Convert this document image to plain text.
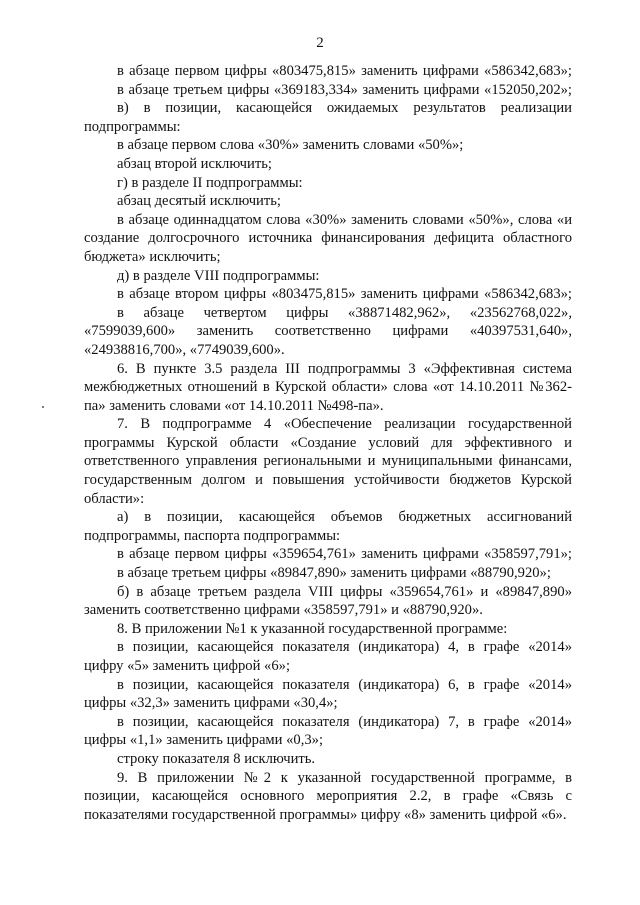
2

в абзаце первом цифры «803475,815» заменить цифрами «586342,683»;

в абзаце третьем цифры «369183,334» заменить цифрами «152050,202»;

в) в позиции, касающейся ожидаемых результатов реализации подпрограммы:

в абзаце первом слова «30%» заменить словами «50%»;

абзац второй исключить;

г) в разделе II подпрограммы:

абзац десятый исключить;

в абзаце одиннадцатом слова «30%» заменить словами «50%», слова «и создание долгосрочного источника финансирования дефицита областного бюджета» исключить;

д) в разделе VIII подпрограммы:

в абзаце втором цифры «803475,815» заменить цифрами «586342,683»;

в абзаце четвертом цифры «38871482,962», «23562768,022», «7599039,600» заменить соответственно цифрами «40397531,640», «24938816,700», «7749039,600».

6. В пункте 3.5 раздела III подпрограммы 3 «Эффективная система межбюджетных отношений в Курской области» слова «от 14.10.2011 №362-па» заменить словами «от 14.10.2011 №498-па».

7. В подпрограмме 4 «Обеспечение реализации государственной программы Курской области «Создание условий для эффективного и ответственного управления региональными и муниципальными финансами, государственным долгом и повышения устойчивости бюджетов Курской области»:

а) в позиции, касающейся объемов бюджетных ассигнований подпрограммы, паспорта подпрограммы:

в абзаце первом цифры «359654,761» заменить цифрами «358597,791»;

в абзаце третьем цифры «89847,890» заменить цифрами «88790,920»;

б) в абзаце третьем раздела VIII цифры «359654,761» и «89847,890» заменить соответственно цифрами «358597,791» и «88790,920».

8. В приложении №1 к указанной государственной программе:

в позиции, касающейся показателя (индикатора) 4, в графе «2014» цифру «5» заменить цифрой «6»;

в позиции, касающейся показателя (индикатора) 6, в графе «2014» цифры «32,3» заменить цифрами «30,4»;

в позиции, касающейся показателя (индикатора) 7, в графе «2014» цифры «1,1» заменить цифрами «0,3»;

строку показателя 8 исключить.

9. В приложении №2 к указанной государственной программе, в позиции, касающейся основного мероприятия 2.2, в графе «Связь с показателями государственной программы» цифру «8» заменить цифрой «6».
